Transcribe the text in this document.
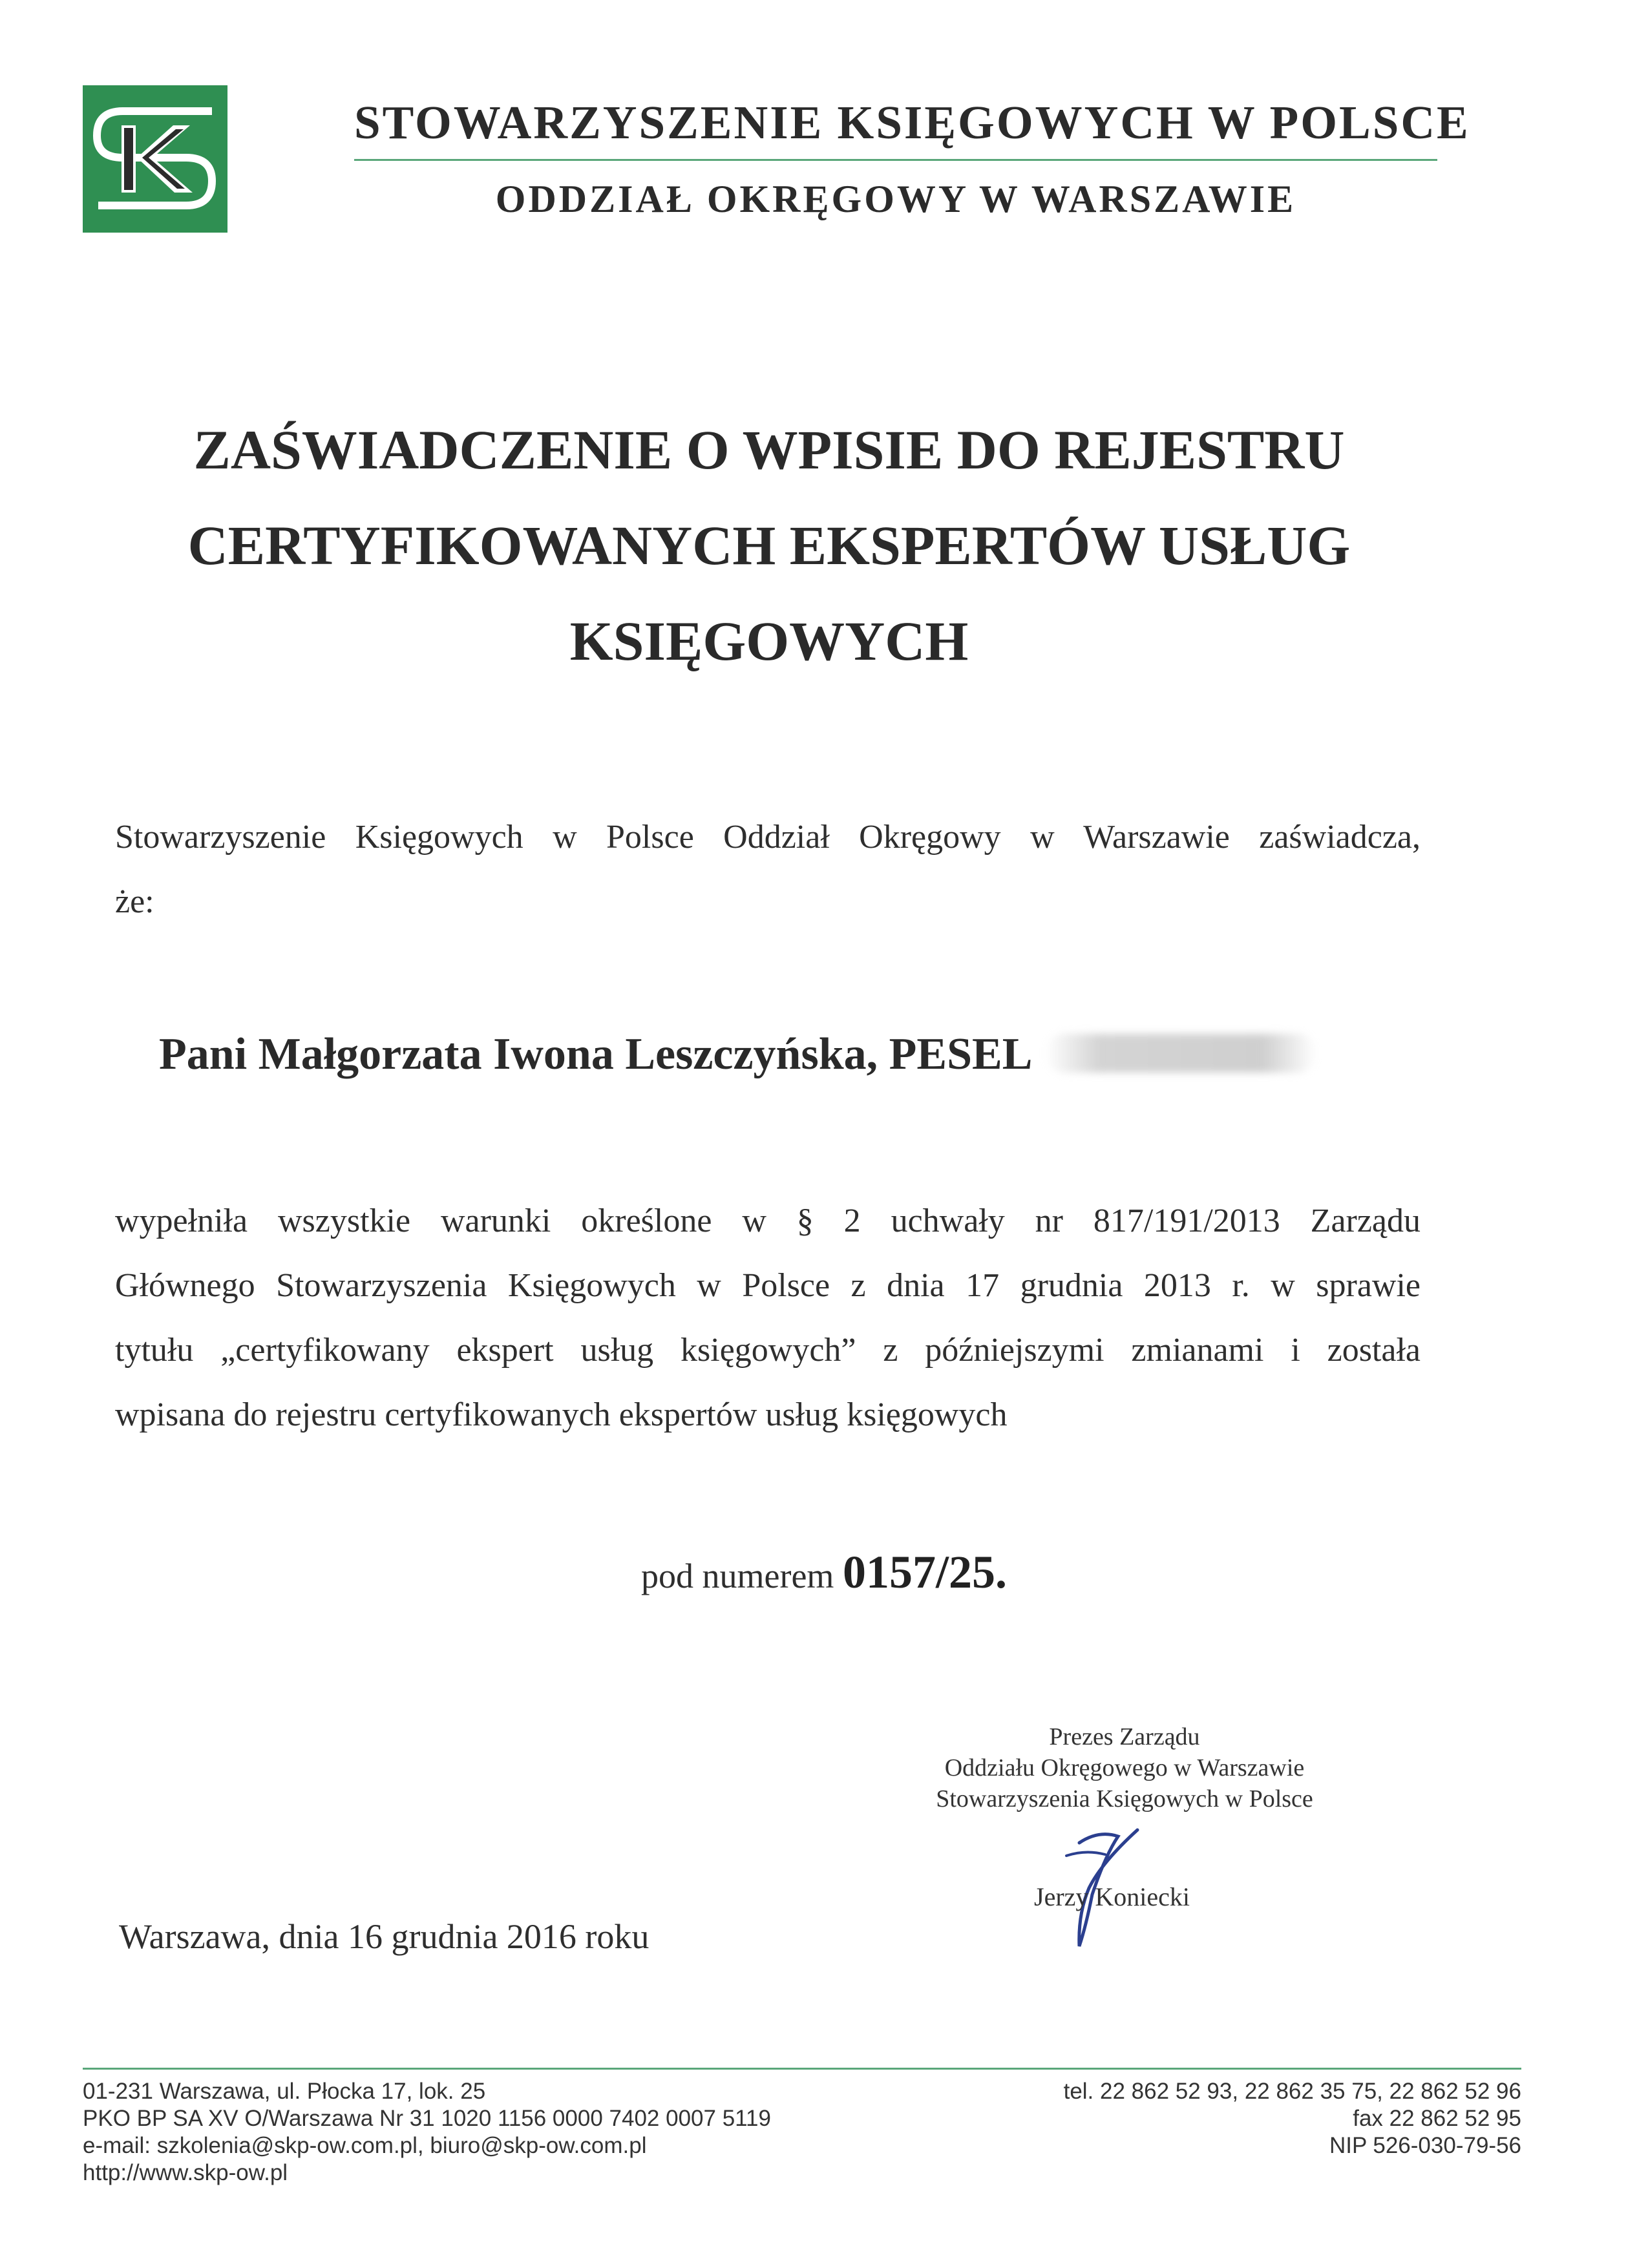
STOWARZYSZENIE KSIĘGOWYCH W POLSCE
ODDZIAŁ OKRĘGOWY W WARSZAWIE
ZAŚWIADCZENIE O WPISIE DO REJESTRU
CERTYFIKOWANYCH EKSPERTÓW USŁUG
KSIĘGOWYCH
Stowarzyszenie Księgowych w Polsce Oddział Okręgowy w Warszawie zaświadcza,
że:
Pani Małgorzata Iwona Leszczyńska, PESEL
wypełniła wszystkie warunki określone w § 2 uchwały nr 817/191/2013 Zarządu
Głównego Stowarzyszenia Księgowych w Polsce z dnia 17 grudnia 2013 r. w sprawie
tytułu „certyfikowany ekspert usług księgowych” z późniejszymi zmianami i została
wpisana do rejestru certyfikowanych ekspertów usług księgowych
pod numerem 0157/25.
Prezes Zarządu
Oddziału Okręgowego w Warszawie
Stowarzyszenia Księgowych w Polsce
Jerzy Koniecki
Warszawa, dnia 16 grudnia 2016 roku
01-231 Warszawa, ul. Płocka 17, lok. 25
PKO BP SA XV O/Warszawa Nr 31 1020 1156 0000 7402 0007 5119
e-mail: szkolenia@skp-ow.com.pl, biuro@skp-ow.com.pl
http://www.skp-ow.pl
tel. 22 862 52 93, 22 862 35 75, 22 862 52 96
fax 22 862 52 95
NIP 526-030-79-56
